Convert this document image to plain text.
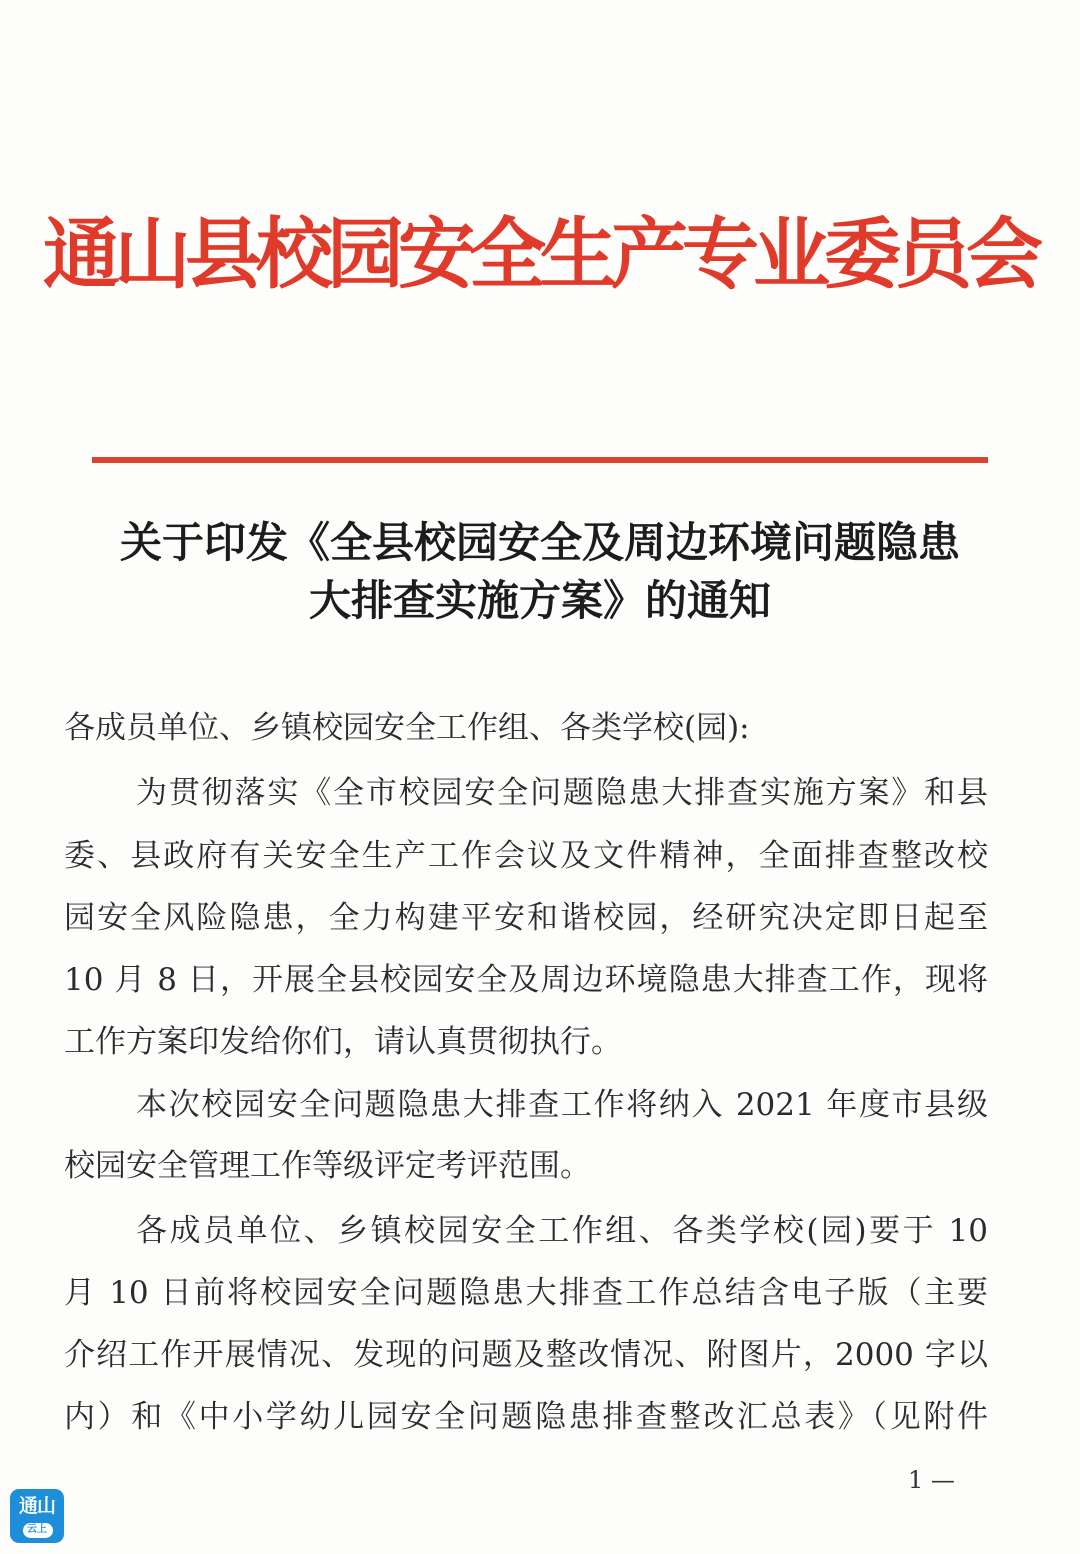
通山县校园安全生产专业委员会
关于印发《全县校园安全及周边环境问题隐患
大排查实施方案》的通知
各成员单位、乡镇校园安全工作组、各类学校(园):
为贯彻落实《全市校园安全问题隐患大排查实施方案》和县
委、县政府有关安全生产工作会议及文件精神，全面排查整改校
园安全风险隐患，全力构建平安和谐校园，经研究决定即日起至
10 月 8 日，开展全县校园安全及周边环境隐患大排查工作，现将
工作方案印发给你们，请认真贯彻执行。
本次校园安全问题隐患大排查工作将纳入 2021 年度市县级
校园安全管理工作等级评定考评范围。
各成员单位、乡镇校园安全工作组、各类学校(园)要于 10
月 10 日前将校园安全问题隐患大排查工作总结含电子版（主要
介绍工作开展情况、发现的问题及整改情况、附图片，2000 字以
内）和《中小学幼儿园安全问题隐患排查整改汇总表》（见附件
1 —
通山
云上
